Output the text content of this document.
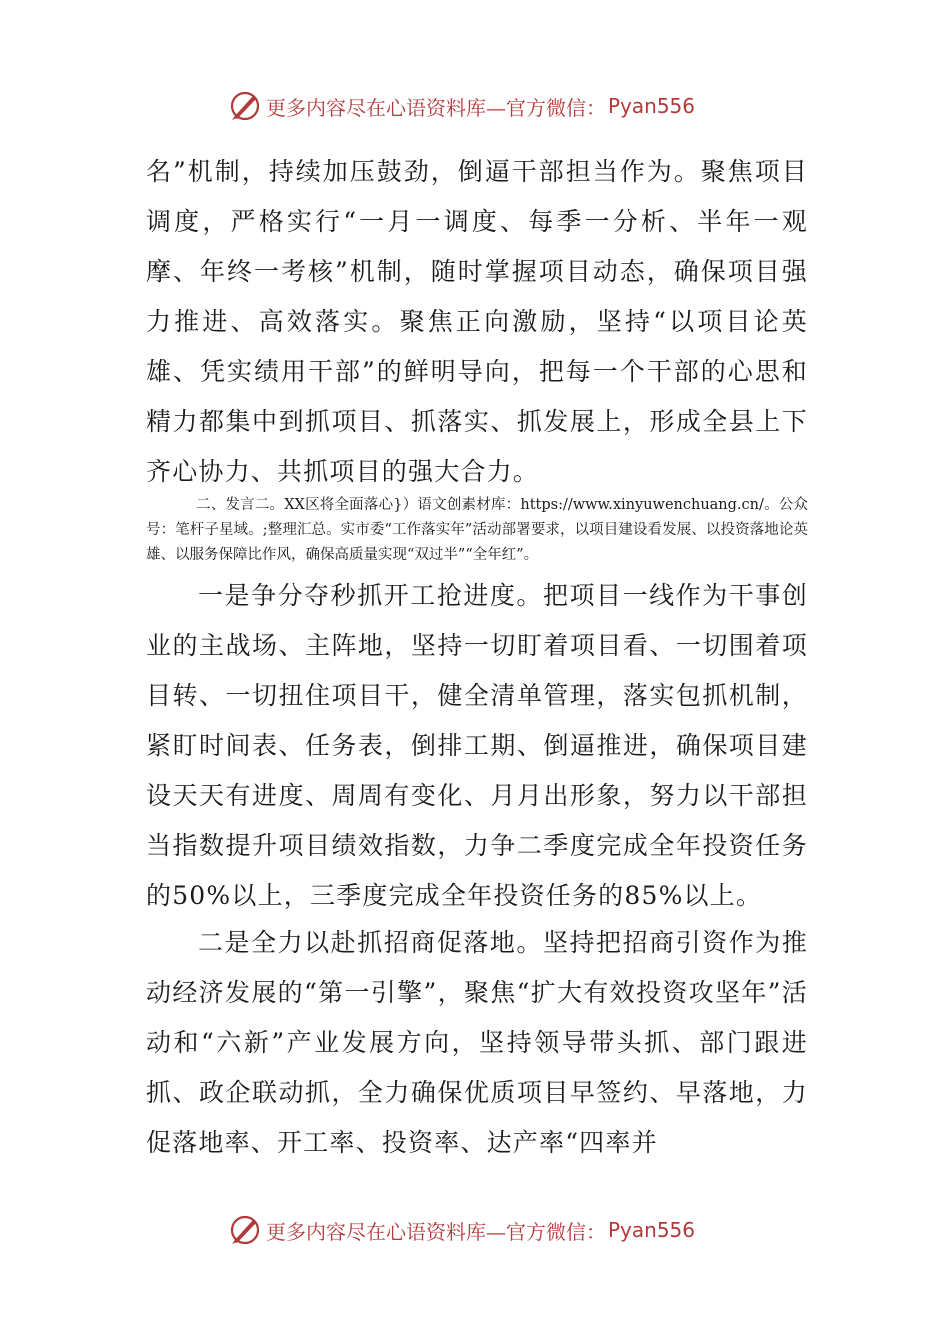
更多内容尽在心语资料库—官方微信： Pyan556

名”机制，持续加压鼓劲，倒逼干部担当作为。聚焦项目调度，严格实行“一月一调度、每季一分析、半年一观摩、年终一考核”机制，随时掌握项目动态，确保项目强力推进、高效落实。聚焦正向激励，坚持“以项目论英雄、凭实绩用干部”的鲜明导向，把每一个干部的心思和精力都集中到抓项目、抓落实、抓发展上，形成全县上下齐心协力、共抓项目的强大合力。

二、发言二。XX区将全面落心}）语文创素材库：https://www.xinyuwenchuang.cn/。公众号：笔杆子星域。;整理汇总。实市委“工作落实年”活动部署要求，以项目建设看发展、以投资落地论英雄、以服务保障比作风，确保高质量实现“双过半”“全年红”。

一是争分夺秒抓开工抢进度。把项目一线作为干事创业的主战场、主阵地，坚持一切盯着项目看、一切围着项目转、一切扭住项目干，健全清单管理，落实包抓机制，紧盯时间表、任务表，倒排工期、倒逼推进，确保项目建设天天有进度、周周有变化、月月出形象，努力以干部担当指数提升项目绩效指数，力争二季度完成全年投资任务的50%以上，三季度完成全年投资任务的85%以上。

二是全力以赴抓招商促落地。坚持把招商引资作为推动经济发展的“第一引擎”，聚焦“扩大有效投资攻坚年”活动和“六新”产业发展方向，坚持领导带头抓、部门跟进抓、政企联动抓，全力确保优质项目早签约、早落地，力促落地率、开工率、投资率、达产率“四率并

更多内容尽在心语资料库—官方微信： Pyan556
